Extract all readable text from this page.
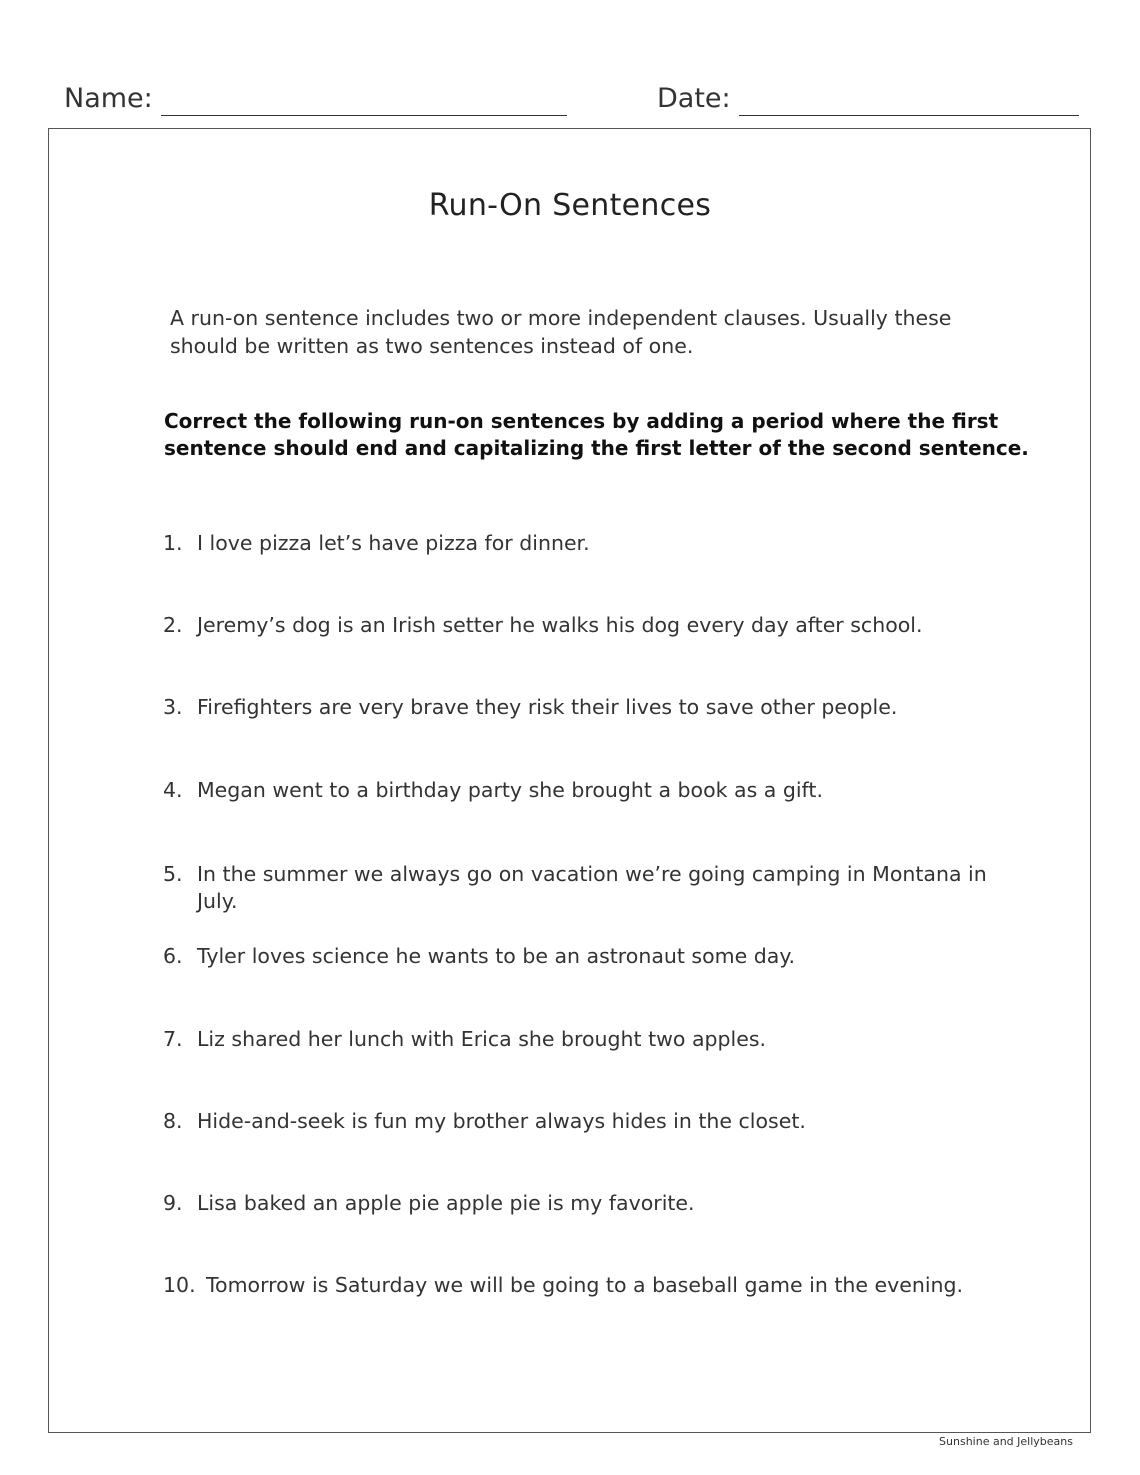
Name:	Date:
Run-On Sentences
A run-on sentence includes two or more independent clauses. Usually these should be written as two sentences instead of one.
Correct the following run-on sentences by adding a period where the first sentence should end and capitalizing the first letter of the second sentence.
1. I love pizza let’s have pizza for dinner.
2. Jeremy’s dog is an Irish setter he walks his dog every day after school.
3. Firefighters are very brave they risk their lives to save other people.
4. Megan went to a birthday party she brought a book as a gift.
5. In the summer we always go on vacation we’re going camping in Montana in July.
6. Tyler loves science he wants to be an astronaut some day.
7. Liz shared her lunch with Erica she brought two apples.
8. Hide-and-seek is fun my brother always hides in the closet.
9. Lisa baked an apple pie apple pie is my favorite.
10. Tomorrow is Saturday we will be going to a baseball game in the evening.
Sunshine and Jellybeans
